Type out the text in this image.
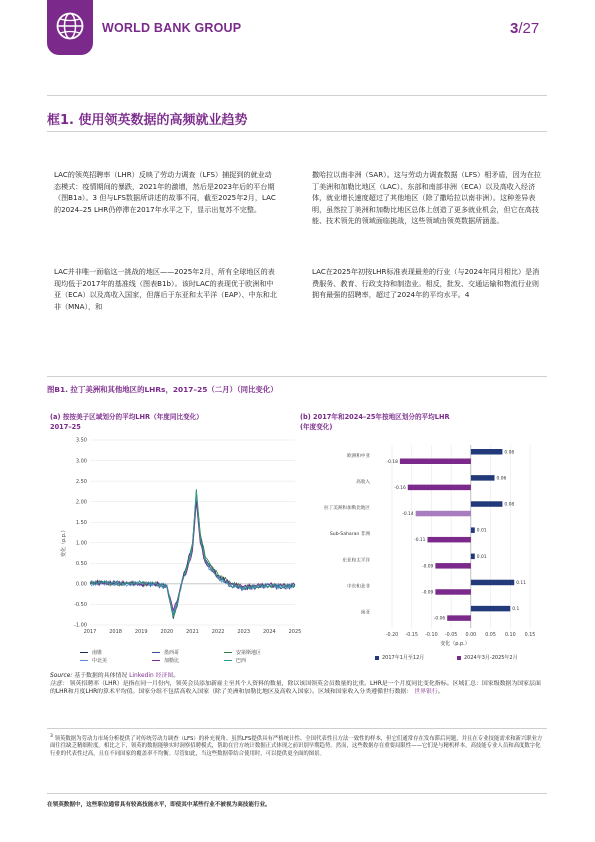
WORLD BANK GROUP	3/27
框1. 使用领英数据的高频就业趋势
LAC的领英招聘率（LHR）反映了劳动力调查（LFS）捕捉到的就业动态模式：疫情期间的暴跌，2021年的激增，然后是2023年后的平台期（图B1a）。3 但与LFS数据所讲述的故事不同，截至2025年2月，LAC的2024–25 LHR仍停滞在2017年水平之下，显示出复苏不完整。
撒哈拉以南非洲（SAR）。这与劳动力调查数据（LFS）相矛盾，因为在拉丁美洲和加勒比地区（LAC）、东部和南部非洲（ECA）以及高收入经济体，就业增长速度超过了其他地区（除了撒哈拉以南非洲）。这种差异表明，虽然拉丁美洲和加勒比地区总体上创造了更多就业机会，但它在高技能、技术领先的领域面临挑战，这些领域由领英数据所涵盖。
LAC并非唯一面临这一挑战的地区——2025年2月，所有全球地区的表现均低于2017年的基准线（图表B1b）。该时LAC的表现优于欧洲和中亚（ECA）以及高收入国家，但落后于东亚和太平洋（EAP）、中东和北非（MNA），和
LAC在2025年初按LHR标准表现最差的行业（与2024年同月相比）是消费服务、教育、行政支持和制造业。相反，批发、交通运输和物流行业则拥有最强的招聘率，超过了2024年的平均水平。4
图B1. 拉丁美洲和其他地区的LHRs，2017–25（二月）（同比变化）
(a) 按按美子区域划分的平均LHR（年度同比变化）
2017–25
(b) 2017年和2024–25年按地区划分的平均LHR
(年度变化)
3.50
3.00
2.50
2.00
1.50
1.00
0.50
0.00
-0.50
-1.00
2017	2018	2019	2020	2021	2022	2023	2024	2025
变化（p.p.）
南锥	墨西哥	安第斯地区
中北美	加勒比	巴西
欧洲和中亚
高收入
拉丁美洲和加勒比地区
Sub-Saharan 非洲
东亚和太平洋
中东和北非
南亚
0.08
-0.18
0.06
-0.16
0.08
-0.14
0.01
-0.11
0.01
-0.09
0.11
-0.09
0.1
-0.06
-0.20 -0.15 -0.10 -0.05 0.00 0.05 0.10 0.15
变化（p.p.）
2017年1月至12月	2024年3月-2025年2月
Source: 基于数据的具体情况 Linkedin 经济图。
注意： 领英招聘率（LHR）是指在同一月份内，领英会员添加新雇主至其个人资料的数量，除以该国领英会员数量的比重。LHR是一个月度同比变化指标。区域汇总：国家级数据为国家层面的LHR和月度LHR的算术平均值。国家分组不包括高收入国家（除了美洲和加勒比地区及高收入国家）。区域和国家收入分类遵循世行数据： 世界银行。
$^3$ 领英数据为劳动力市场分析提供了对传统劳动力调查（LFS）的补充视角。虽然LFS提供具有严格统计性、全国代表性且方法一致性的样本，但它们通常存在发布滞后问题，并且在专业技能需求和新兴职业方面往往缺乏精细粒度。相比之下，领英的数据能够实时洞察招聘模式，帮助在官方统计数据正式体现之前识别早期趋势。然而，这些数据存在重要局限性——它们是与精机样本，高技能专业人员和高度数字化行业的代表性过高，且在不同国家的覆盖率不均衡。尽管如此，当这些数据带结合使用时，可以提供更全面的图景。
在领英数据中，这些职位通常具有较高技能水平，即使其中某些行业不被视为高技能行业。
